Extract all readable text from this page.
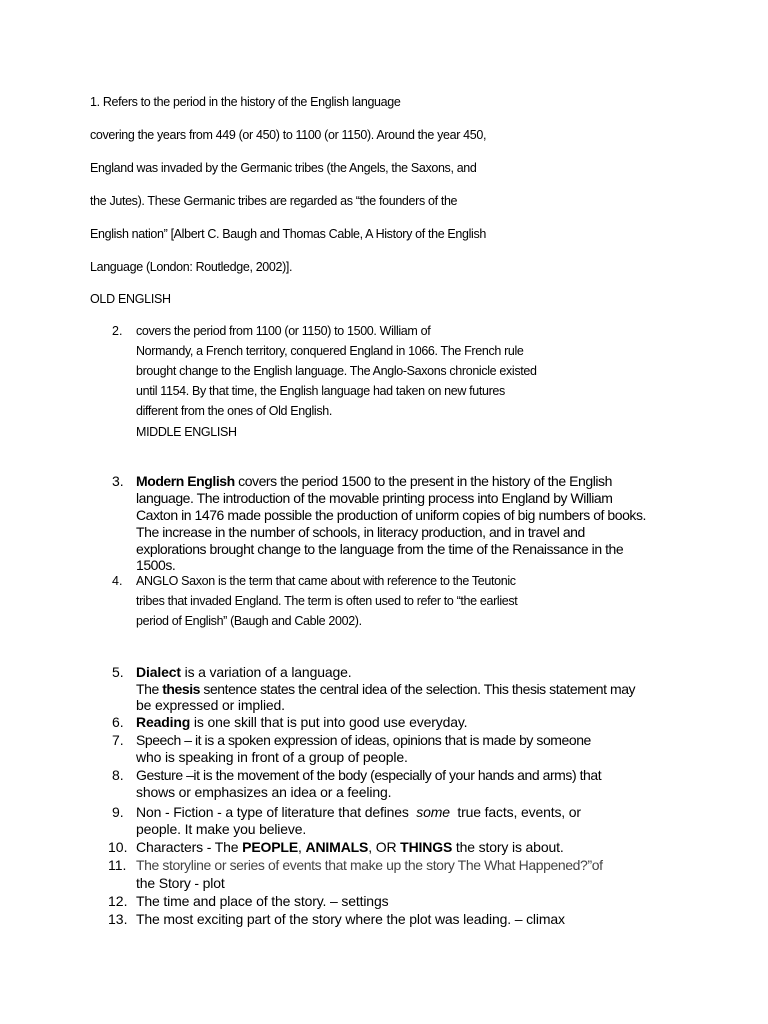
1. Refers to the period in the history of the English language
covering the years from 449 (or 450) to 1100 (or 1150). Around the year 450,
England was invaded by the Germanic tribes (the Angels, the Saxons, and
the Jutes). These Germanic tribes are regarded as “the founders of the
English nation” [Albert C. Baugh and Thomas Cable, A History of the English
Language (London: Routledge, 2002)].
OLD ENGLISH
2. covers the period from 1100 (or 1150) to 1500. William of
Normandy, a French territory, conquered England in 1066. The French rule
brought change to the English language. The Anglo-Saxons chronicle existed
until 1154. By that time, the English language had taken on new futures
different from the ones of Old English.
MIDDLE ENGLISH
3. Modern English covers the period 1500 to the present in the history of the English
language. The introduction of the movable printing process into England by William
Caxton in 1476 made possible the production of uniform copies of big numbers of books.
The increase in the number of schools, in literacy production, and in travel and
explorations brought change to the language from the time of the Renaissance in the
1500s.
4. ANGLO Saxon is the term that came about with reference to the Teutonic
tribes that invaded England. The term is often used to refer to “the earliest
period of English” (Baugh and Cable 2002).
5. Dialect is a variation of a language.
The thesis sentence states the central idea of the selection. This thesis statement may
be expressed or implied.
6. Reading is one skill that is put into good use everyday.
7. Speech – it is a spoken expression of ideas, opinions that is made by someone
who is speaking in front of a group of people.
8. Gesture –it is the movement of the body (especially of your hands and arms) that
shows or emphasizes an idea or a feeling.
9. Non - Fiction - a type of literature that defines  some  true facts, events, or
people. It make you believe.
10. Characters - The PEOPLE, ANIMALS, OR THINGS the story is about.
11. The storyline or series of events that make up the story The What Happened?”of
the Story - plot
12. The time and place of the story. – settings
13. The most exciting part of the story where the plot was leading. – climax
